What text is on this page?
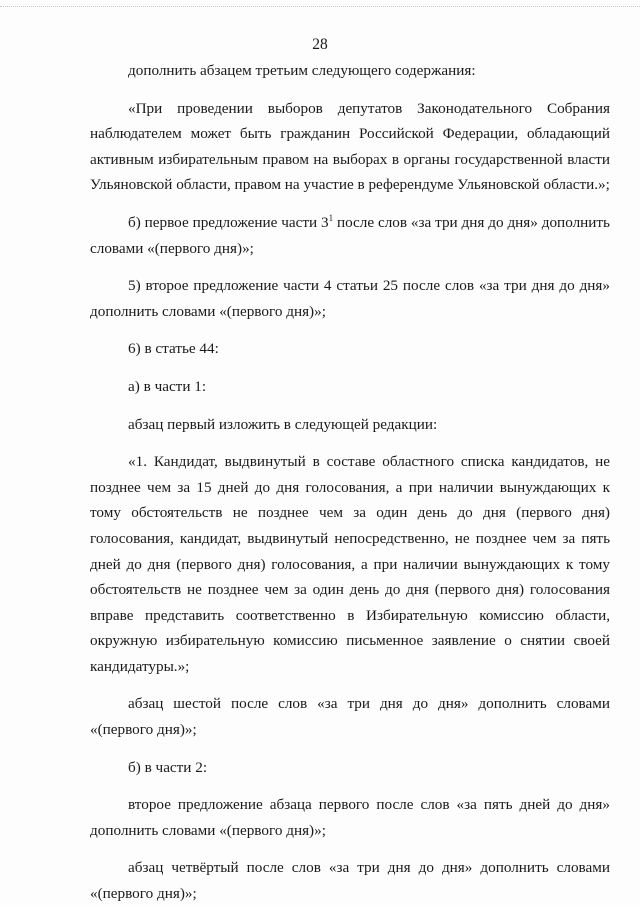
28

дополнить абзацем третьим следующего содержания:

«При проведении выборов депутатов Законодательного Собрания наблюдателем может быть гражданин Российской Федерации, обладающий активным избирательным правом на выборах в органы государственной власти Ульяновской области, правом на участие в референдуме Ульяновской области.»;

б) первое предложение части $3^1$ после слов «за три дня до дня» дополнить словами «(первого дня)»;

5) второе предложение части 4 статьи 25 после слов «за три дня до дня» дополнить словами «(первого дня)»;

6) в статье 44:

а) в части 1:

абзац первый изложить в следующей редакции:

«1. Кандидат, выдвинутый в составе областного списка кандидатов, не позднее чем за 15 дней до дня голосования, а при наличии вынуждающих к тому обстоятельств не позднее чем за один день до дня (первого дня) голосования, кандидат, выдвинутый непосредственно, не позднее чем за пять дней до дня (первого дня) голосования, а при наличии вынуждающих к тому обстоятельств не позднее чем за один день до дня (первого дня) голосования вправе представить соответственно в Избирательную комиссию области, окружную избирательную комиссию письменное заявление о снятии своей кандидатуры.»;

абзац шестой после слов «за три дня до дня» дополнить словами «(первого дня)»;

б) в части 2:

второе предложение абзаца первого после слов «за пять дней до дня» дополнить словами «(первого дня)»;

абзац четвёртый после слов «за три дня до дня» дополнить словами «(первого дня)»;
